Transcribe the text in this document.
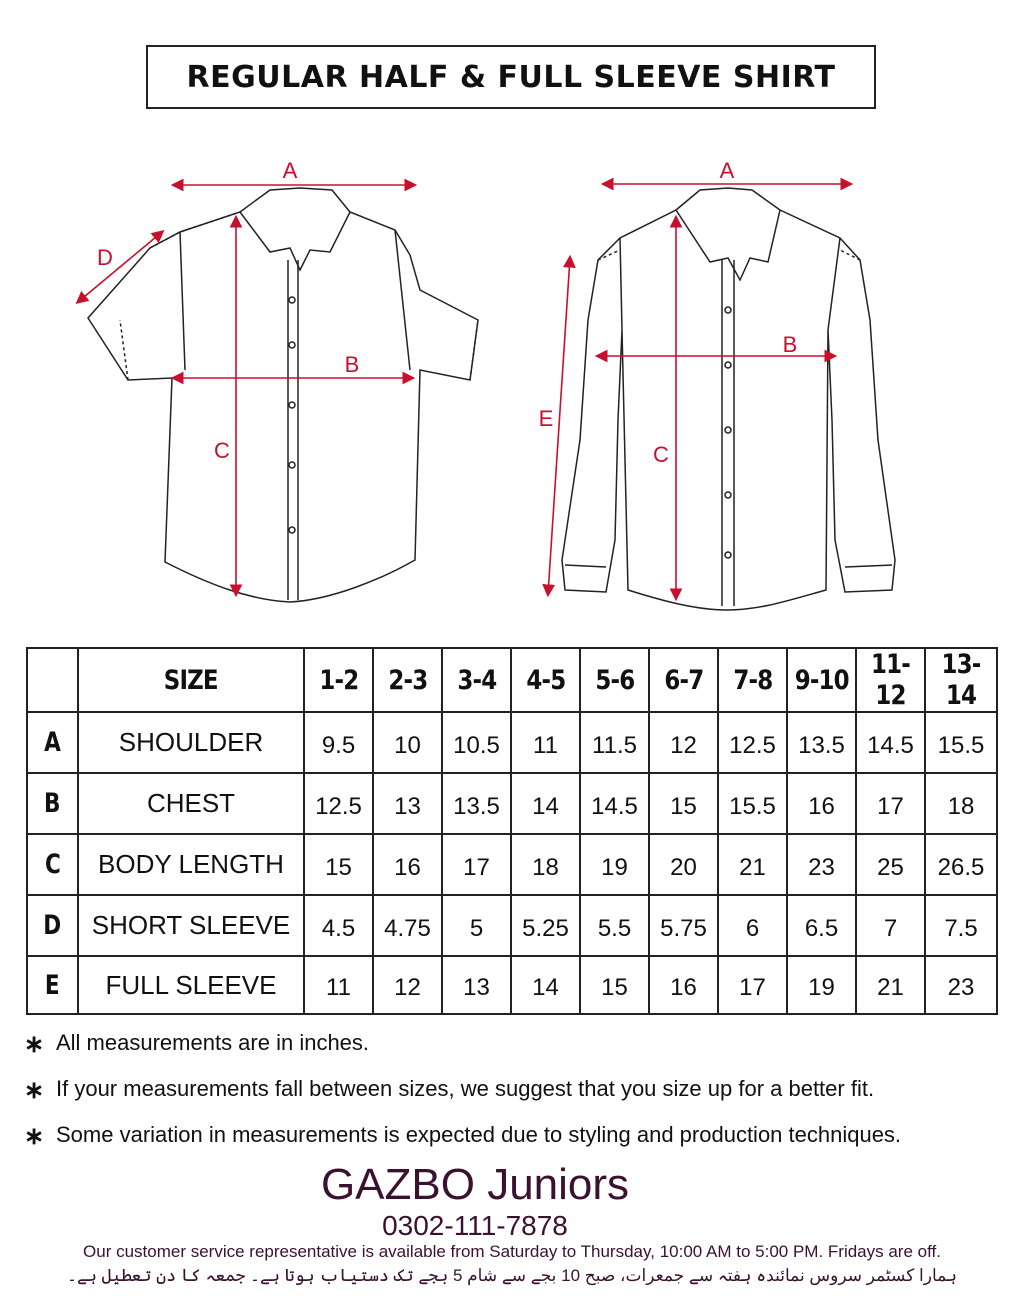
REGULAR HALF & FULL SLEEVE SHIRT
A
D
B
C
A
B
C
E
	SIZE	1-2	2-3	3-4	4-5	5-6	6-7	7-8	9-10	11-12	13-14
A	SHOULDER	9.5	10	10.5	11	11.5	12	12.5	13.5	14.5	15.5
B	CHEST	12.5	13	13.5	14	14.5	15	15.5	16	17	18
C	BODY LENGTH	15	16	17	18	19	20	21	23	25	26.5
D	SHORT SLEEVE	4.5	4.75	5	5.25	5.5	5.75	6	6.5	7	7.5
E	FULL SLEEVE	11	12	13	14	15	16	17	19	21	23
∗ All measurements are in inches.
∗ If your measurements fall between sizes, we suggest that you size up for a better fit.
∗ Some variation in measurements is expected due to styling and production techniques.
GAZBO Juniors
0302-111-7878
Our customer service representative is available from Saturday to Thursday, 10:00 AM to 5:00 PM. Fridays are off.
ہمارا کسٹمر سروس نمائندہ ہفتہ سے جمعرات، صبح 10 بجے سے شام 5 بجے تک دستیاب ہوتا ہے۔ جمعہ کا دن تعطیل ہے۔
